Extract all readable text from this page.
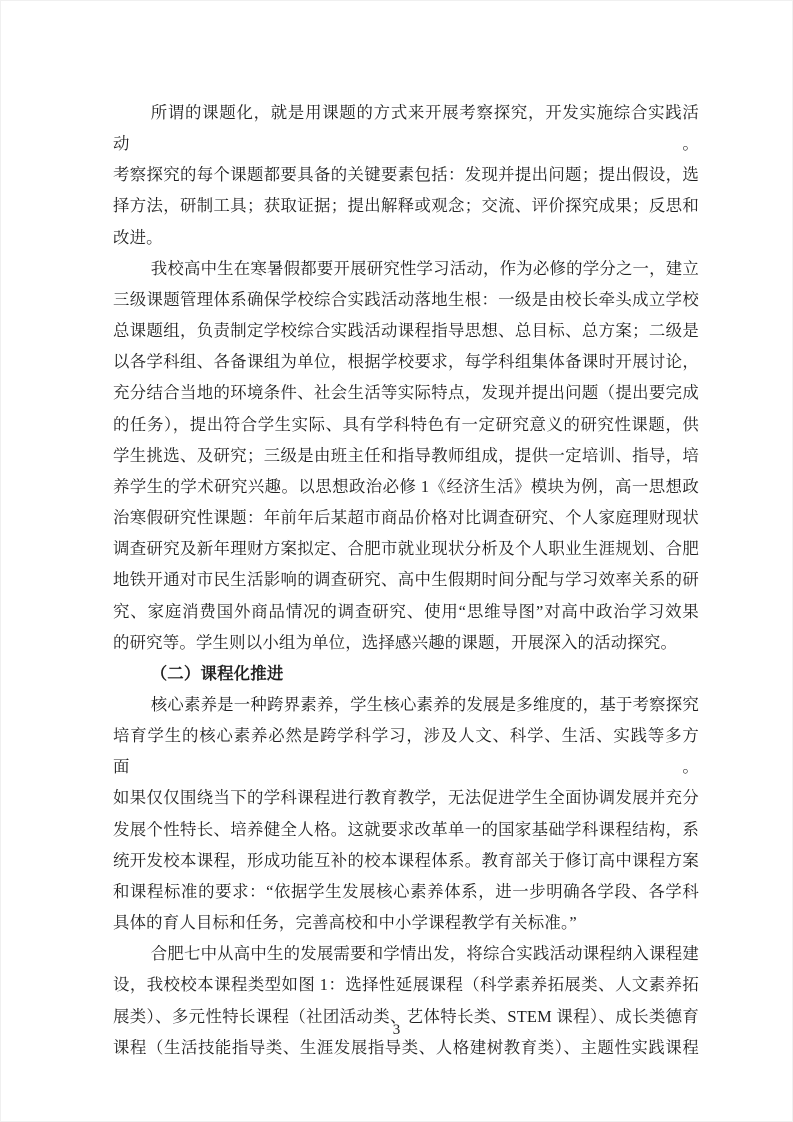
所谓的课题化，就是用课题的方式来开展考察探究，开发实施综合实践活动。
考察探究的每个课题都要具备的关键要素包括：发现并提出问题；提出假设，选
择方法，研制工具；获取证据；提出解释或观念；交流、评价探究成果；反思和
改进。
我校高中生在寒暑假都要开展研究性学习活动，作为必修的学分之一，建立
三级课题管理体系确保学校综合实践活动落地生根：一级是由校长牵头成立学校
总课题组，负责制定学校综合实践活动课程指导思想、总目标、总方案；二级是
以各学科组、各备课组为单位，根据学校要求，每学科组集体备课时开展讨论，
充分结合当地的环境条件、社会生活等实际特点，发现并提出问题（提出要完成
的任务），提出符合学生实际、具有学科特色有一定研究意义的研究性课题，供
学生挑选、及研究；三级是由班主任和指导教师组成，提供一定培训、指导，培
养学生的学术研究兴趣。以思想政治必修 1《经济生活》模块为例，高一思想政
治寒假研究性课题：年前年后某超市商品价格对比调查研究、个人家庭理财现状
调查研究及新年理财方案拟定、合肥市就业现状分析及个人职业生涯规划、合肥
地铁开通对市民生活影响的调查研究、高中生假期时间分配与学习效率关系的研
究、家庭消费国外商品情况的调查研究、使用“思维导图”对高中政治学习效果
的研究等。学生则以小组为单位，选择感兴趣的课题，开展深入的活动探究。
（二）课程化推进
核心素养是一种跨界素养，学生核心素养的发展是多维度的，基于考察探究
培育学生的核心素养必然是跨学科学习，涉及人文、科学、生活、实践等多方面。
如果仅仅围绕当下的学科课程进行教育教学，无法促进学生全面协调发展并充分
发展个性特长、培养健全人格。这就要求改革单一的国家基础学科课程结构，系
统开发校本课程，形成功能互补的校本课程体系。教育部关于修订高中课程方案
和课程标准的要求：“依据学生发展核心素养体系，进一步明确各学段、各学科
具体的育人目标和任务，完善高校和中小学课程教学有关标准。”
合肥七中从高中生的发展需要和学情出发，将综合实践活动课程纳入课程建
设，我校校本课程类型如图 1：选择性延展课程（科学素养拓展类、人文素养拓
展类）、多元性特长课程（社团活动类、艺体特长类、STEM 课程）、成长类德育
课程（生活技能指导类、生涯发展指导类、人格建树教育类）、主题性实践课程
3
